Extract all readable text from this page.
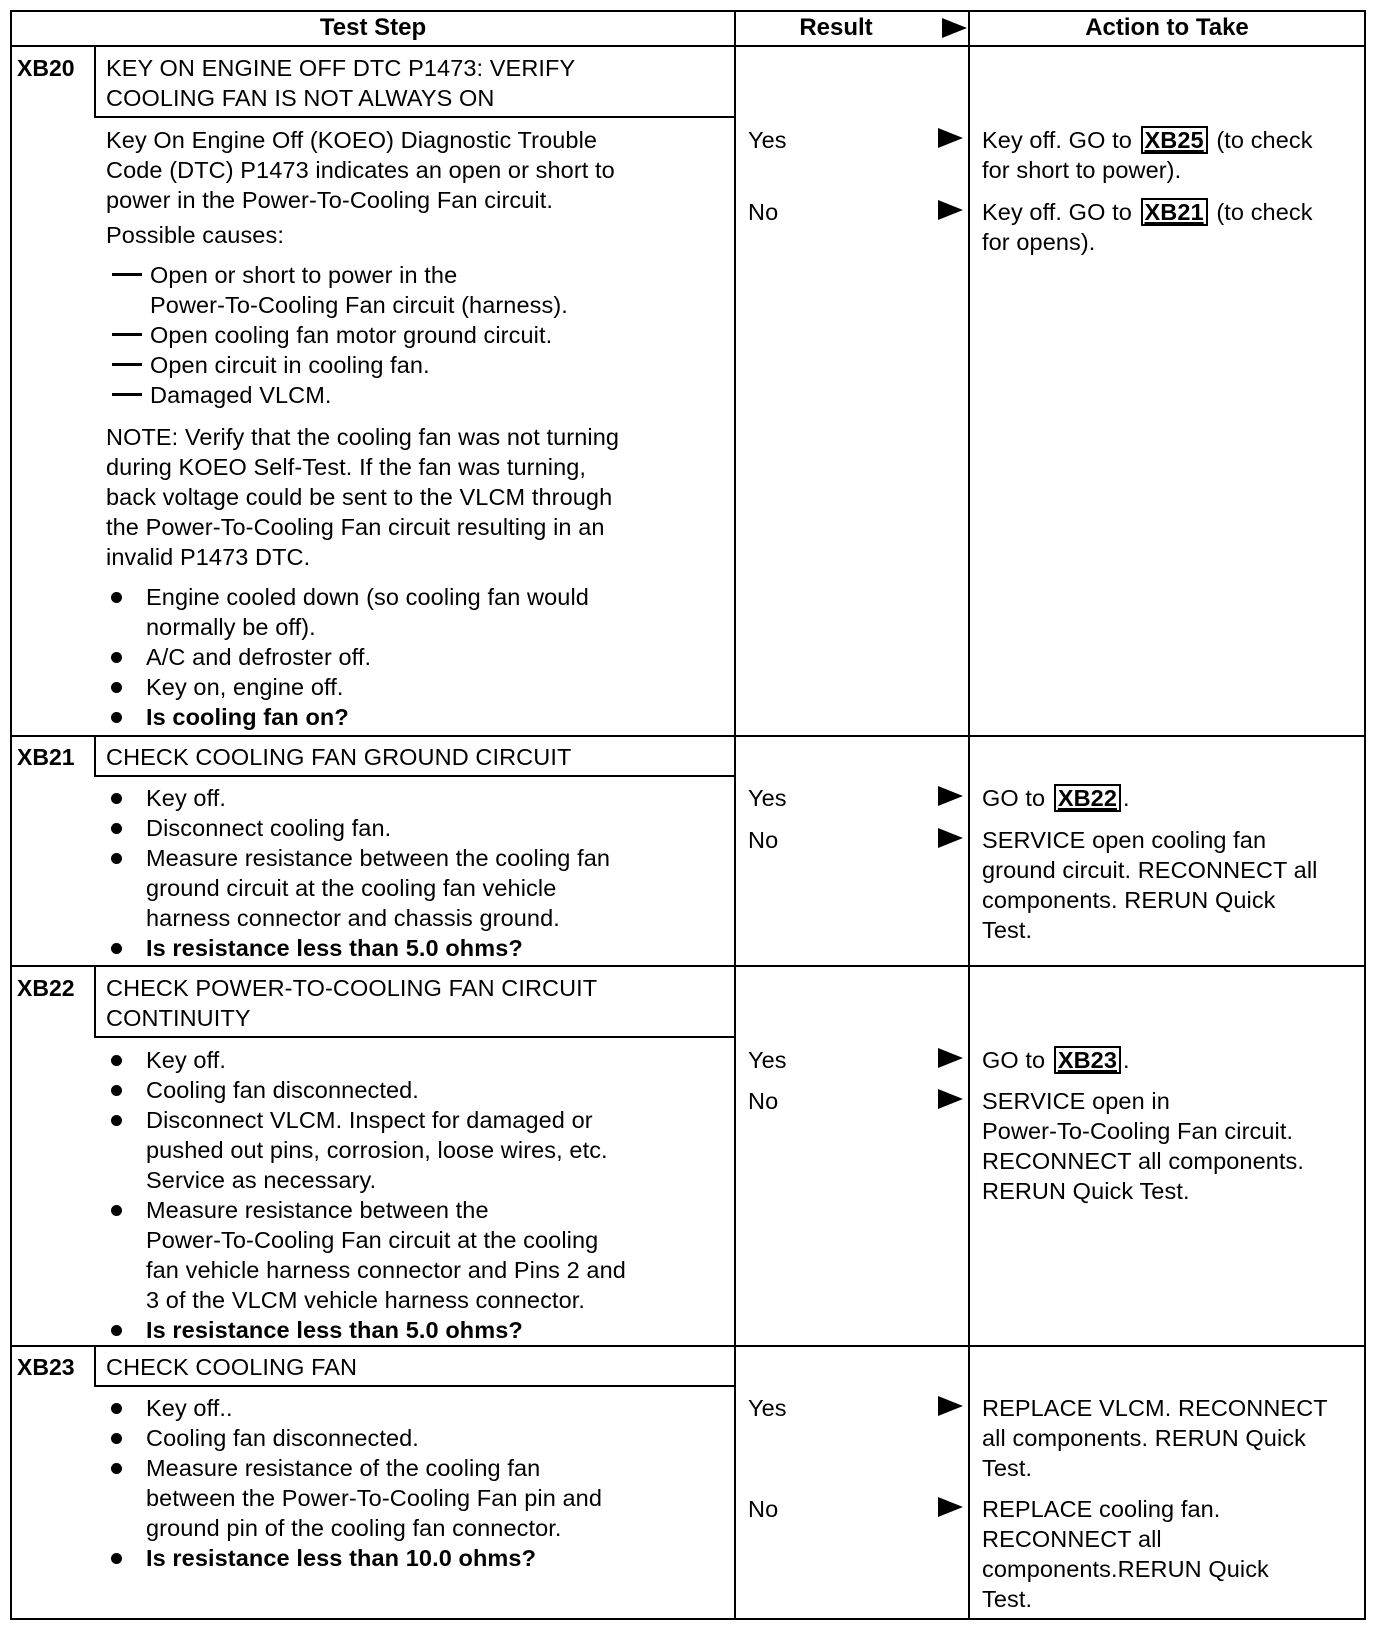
Test Step	Result	Action to Take
XB20 KEY ON ENGINE OFF DTC P1473: VERIFY
COOLING FAN IS NOT ALWAYS ON
Key On Engine Off (KOEO) Diagnostic Trouble
Code (DTC) P1473 indicates an open or short to
power in the Power-To-Cooling Fan circuit.
Possible causes:
Open or short to power in the
Power-To-Cooling Fan circuit (harness).
Open cooling fan motor ground circuit.
Open circuit in cooling fan.
Damaged VLCM.
NOTE: Verify that the cooling fan was not turning
during KOEO Self-Test. If the fan was turning,
back voltage could be sent to the VLCM through
the Power-To-Cooling Fan circuit resulting in an
invalid P1473 DTC.
Engine cooled down (so cooling fan would
normally be off).
A/C and defroster off.
Key on, engine off.
Is cooling fan on?
Yes	Key off. GO to XB25 (to check
for short to power).
No	Key off. GO to XB21 (to check
for opens).
XB21 CHECK COOLING FAN GROUND CIRCUIT
Key off.
Disconnect cooling fan.
Measure resistance between the cooling fan
ground circuit at the cooling fan vehicle
harness connector and chassis ground.
Is resistance less than 5.0 ohms?
Yes	GO to XB22 .
No	SERVICE open cooling fan
ground circuit. RECONNECT all
components. RERUN Quick
Test.
XB22 CHECK POWER-TO-COOLING FAN CIRCUIT
CONTINUITY
Key off.
Cooling fan disconnected.
Disconnect VLCM. Inspect for damaged or
pushed out pins, corrosion, loose wires, etc.
Service as necessary.
Measure resistance between the
Power-To-Cooling Fan circuit at the cooling
fan vehicle harness connector and Pins 2 and
3 of the VLCM vehicle harness connector.
Is resistance less than 5.0 ohms?
Yes	GO to XB23 .
No	SERVICE open in
Power-To-Cooling Fan circuit.
RECONNECT all components.
RERUN Quick Test.
XB23 CHECK COOLING FAN
Key off..
Cooling fan disconnected.
Measure resistance of the cooling fan
between the Power-To-Cooling Fan pin and
ground pin of the cooling fan connector.
Is resistance less than 10.0 ohms?
Yes	REPLACE VLCM. RECONNECT
all components. RERUN Quick
Test.
No	REPLACE cooling fan.
RECONNECT all
components.RERUN Quick
Test.
